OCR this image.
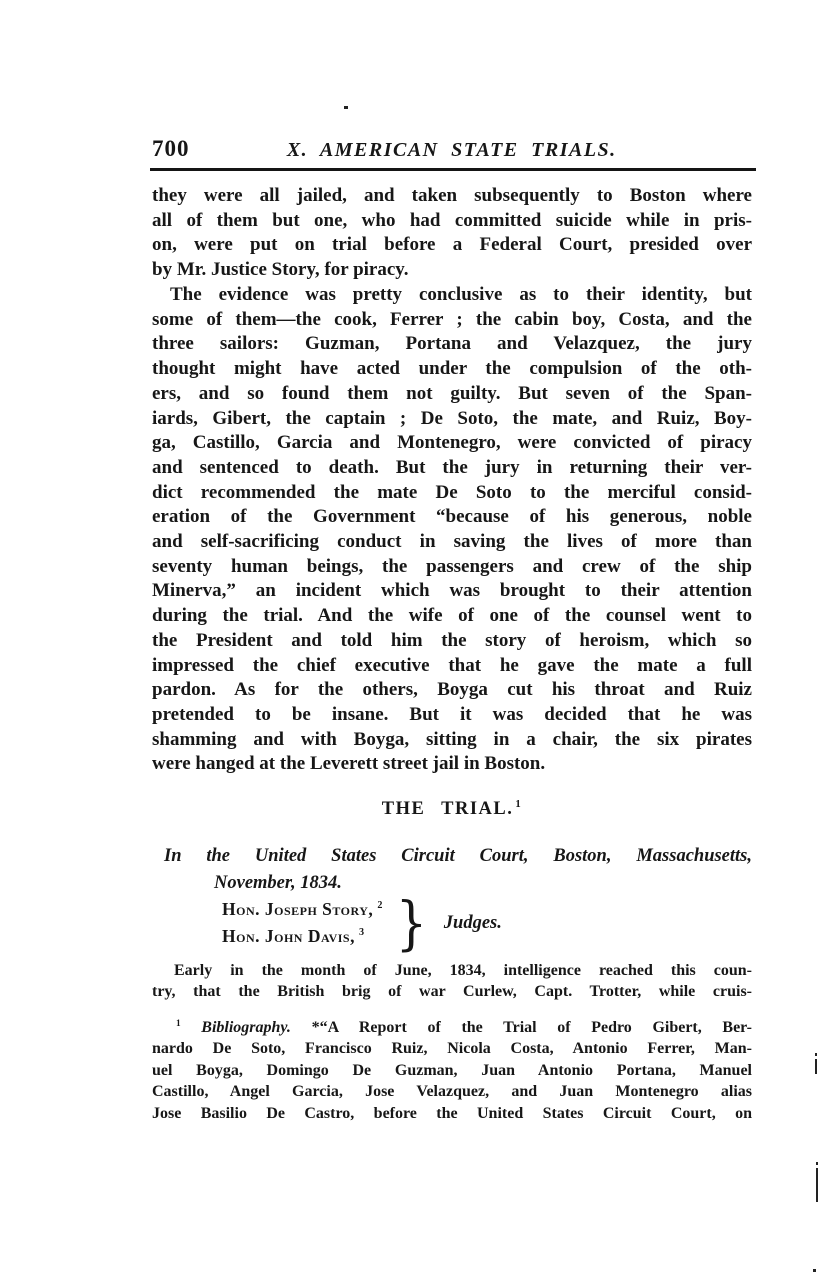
700	X. AMERICAN STATE TRIALS.
they were all jailed, and taken subsequently to Boston where
all of them but one, who had committed suicide while in pris-
on, were put on trial before a Federal Court, presided over
by Mr. Justice Story, for piracy.
The evidence was pretty conclusive as to their identity, but
some of them—the cook, Ferrer ; the cabin boy, Costa, and the
three sailors: Guzman, Portana and Velazquez, the jury
thought might have acted under the compulsion of the oth-
ers, and so found them not guilty. But seven of the Span-
iards, Gibert, the captain ; De Soto, the mate, and Ruiz, Boy-
ga, Castillo, Garcia and Montenegro, were convicted of piracy
and sentenced to death. But the jury in returning their ver-
dict recommended the mate De Soto to the merciful consid-
eration of the Government “because of his generous, noble
and self-sacrificing conduct in saving the lives of more than
seventy human beings, the passengers and crew of the ship
Minerva,” an incident which was brought to their attention
during the trial. And the wife of one of the counsel went to
the President and told him the story of heroism, which so
impressed the chief executive that he gave the mate a full
pardon. As for the others, Boyga cut his throat and Ruiz
pretended to be insane. But it was decided that he was
shamming and with Boyga, sitting in a chair, the six pirates
were hanged at the Leverett street jail in Boston.
THE TRIAL. $^1$
In the United States Circuit Court, Boston, Massachusetts,
November, 1834.
Hon. Joseph Story, $^2$
Hon. John Davis, $^3$ } Judges.
Early in the month of June, 1834, intelligence reached this coun-
try, that the British brig of war Curlew, Capt. Trotter, while cruis-
$^1$ Bibliography. *“A Report of the Trial of Pedro Gibert, Ber-
nardo De Soto, Francisco Ruiz, Nicola Costa, Antonio Ferrer, Man-
uel Boyga, Domingo De Guzman, Juan Antonio Portana, Manuel
Castillo, Angel Garcia, Jose Velazquez, and Juan Montenegro alias
Jose Basilio De Castro, before the United States Circuit Court, on
